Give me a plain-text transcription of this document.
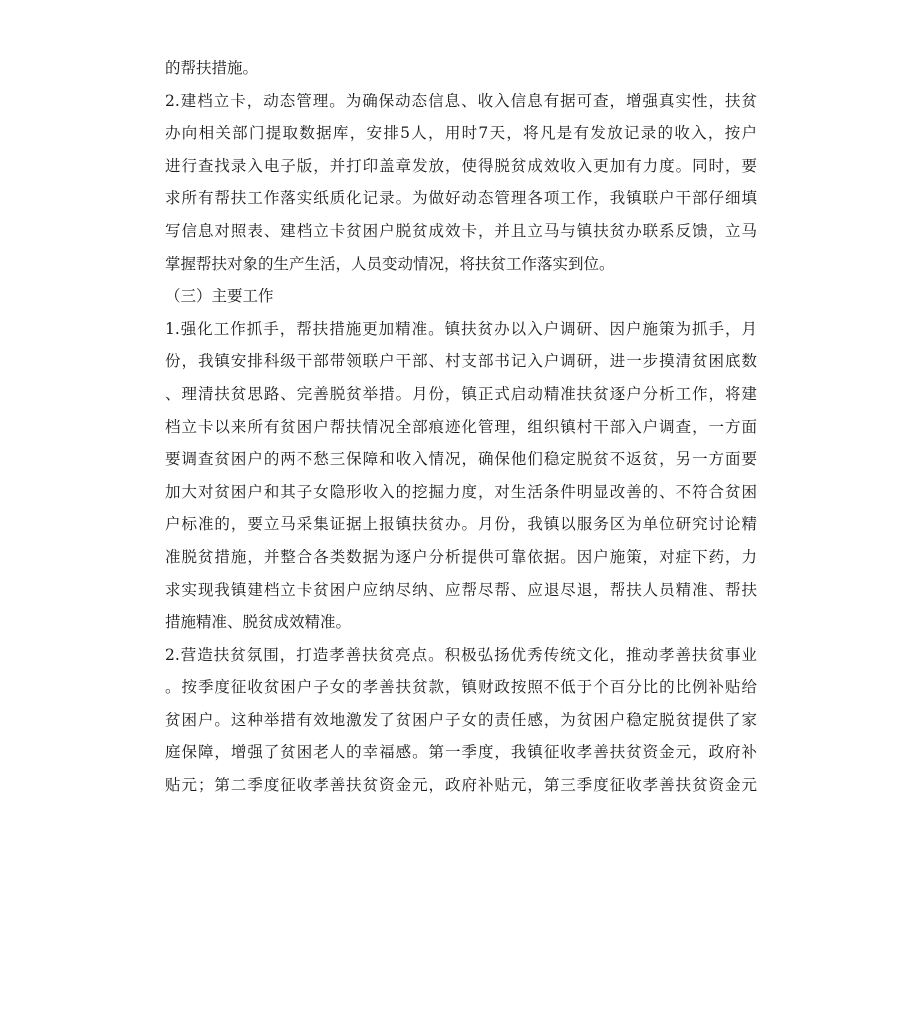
的帮扶措施。
2.建档立卡，动态管理。为确保动态信息、收入信息有据可查，增强真实性，扶贫
办向相关部门提取数据库，安排5人，用时7天，将凡是有发放记录的收入，按户
进行查找录入电子版，并打印盖章发放，使得脱贫成效收入更加有力度。同时，要
求所有帮扶工作落实纸质化记录。为做好动态管理各项工作，我镇联户干部仔细填
写信息对照表、建档立卡贫困户脱贫成效卡，并且立马与镇扶贫办联系反馈，立马
掌握帮扶对象的生产生活，人员变动情况，将扶贫工作落实到位。
（三）主要工作
1.强化工作抓手，帮扶措施更加精准。镇扶贫办以入户调研、因户施策为抓手，月
份，我镇安排科级干部带领联户干部、村支部书记入户调研，进一步摸清贫困底数
、理清扶贫思路、完善脱贫举措。月份，镇正式启动精准扶贫逐户分析工作，将建
档立卡以来所有贫困户帮扶情况全部痕迹化管理，组织镇村干部入户调查，一方面
要调查贫困户的两不愁三保障和收入情况，确保他们稳定脱贫不返贫，另一方面要
加大对贫困户和其子女隐形收入的挖掘力度，对生活条件明显改善的、不符合贫困
户标准的，要立马采集证据上报镇扶贫办。月份，我镇以服务区为单位研究讨论精
准脱贫措施，并整合各类数据为逐户分析提供可靠依据。因户施策，对症下药，力
求实现我镇建档立卡贫困户应纳尽纳、应帮尽帮、应退尽退，帮扶人员精准、帮扶
措施精准、脱贫成效精准。
2.营造扶贫氛围，打造孝善扶贫亮点。积极弘扬优秀传统文化，推动孝善扶贫事业
。按季度征收贫困户子女的孝善扶贫款，镇财政按照不低于个百分比的比例补贴给
贫困户。这种举措有效地激发了贫困户子女的责任感，为贫困户稳定脱贫提供了家
庭保障，增强了贫困老人的幸福感。第一季度，我镇征收孝善扶贫资金元，政府补
贴元；第二季度征收孝善扶贫资金元，政府补贴元，第三季度征收孝善扶贫资金元
